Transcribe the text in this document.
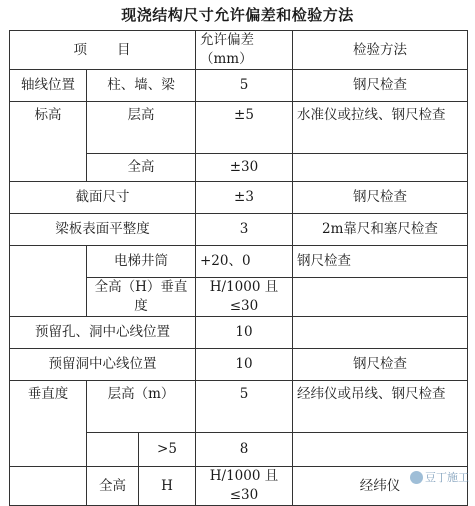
现浇结构尺寸允许偏差和检验方法
项　　目			允许偏差（mm）	检验方法
轴线位置	柱、墙、梁		5	钢尺检查
标高	层高		±5	水准仪或拉线、钢尺检查
	全高		±30	
截面尺寸			±3	钢尺检查
梁板表面平整度			3	2m靠尺和塞尺检查
	电梯井筒		+20、0	钢尺检查
	全高（H）垂直度		H/1000 且≤30	
预留孔、洞中心线位置			10	
预留洞中心线位置			10	钢尺检查
垂直度	层高（m）		5	经纬仪或吊线、钢尺检查
		>5	8	
	全高	H	H/1000 且≤30	经纬仪 豆丁施工
